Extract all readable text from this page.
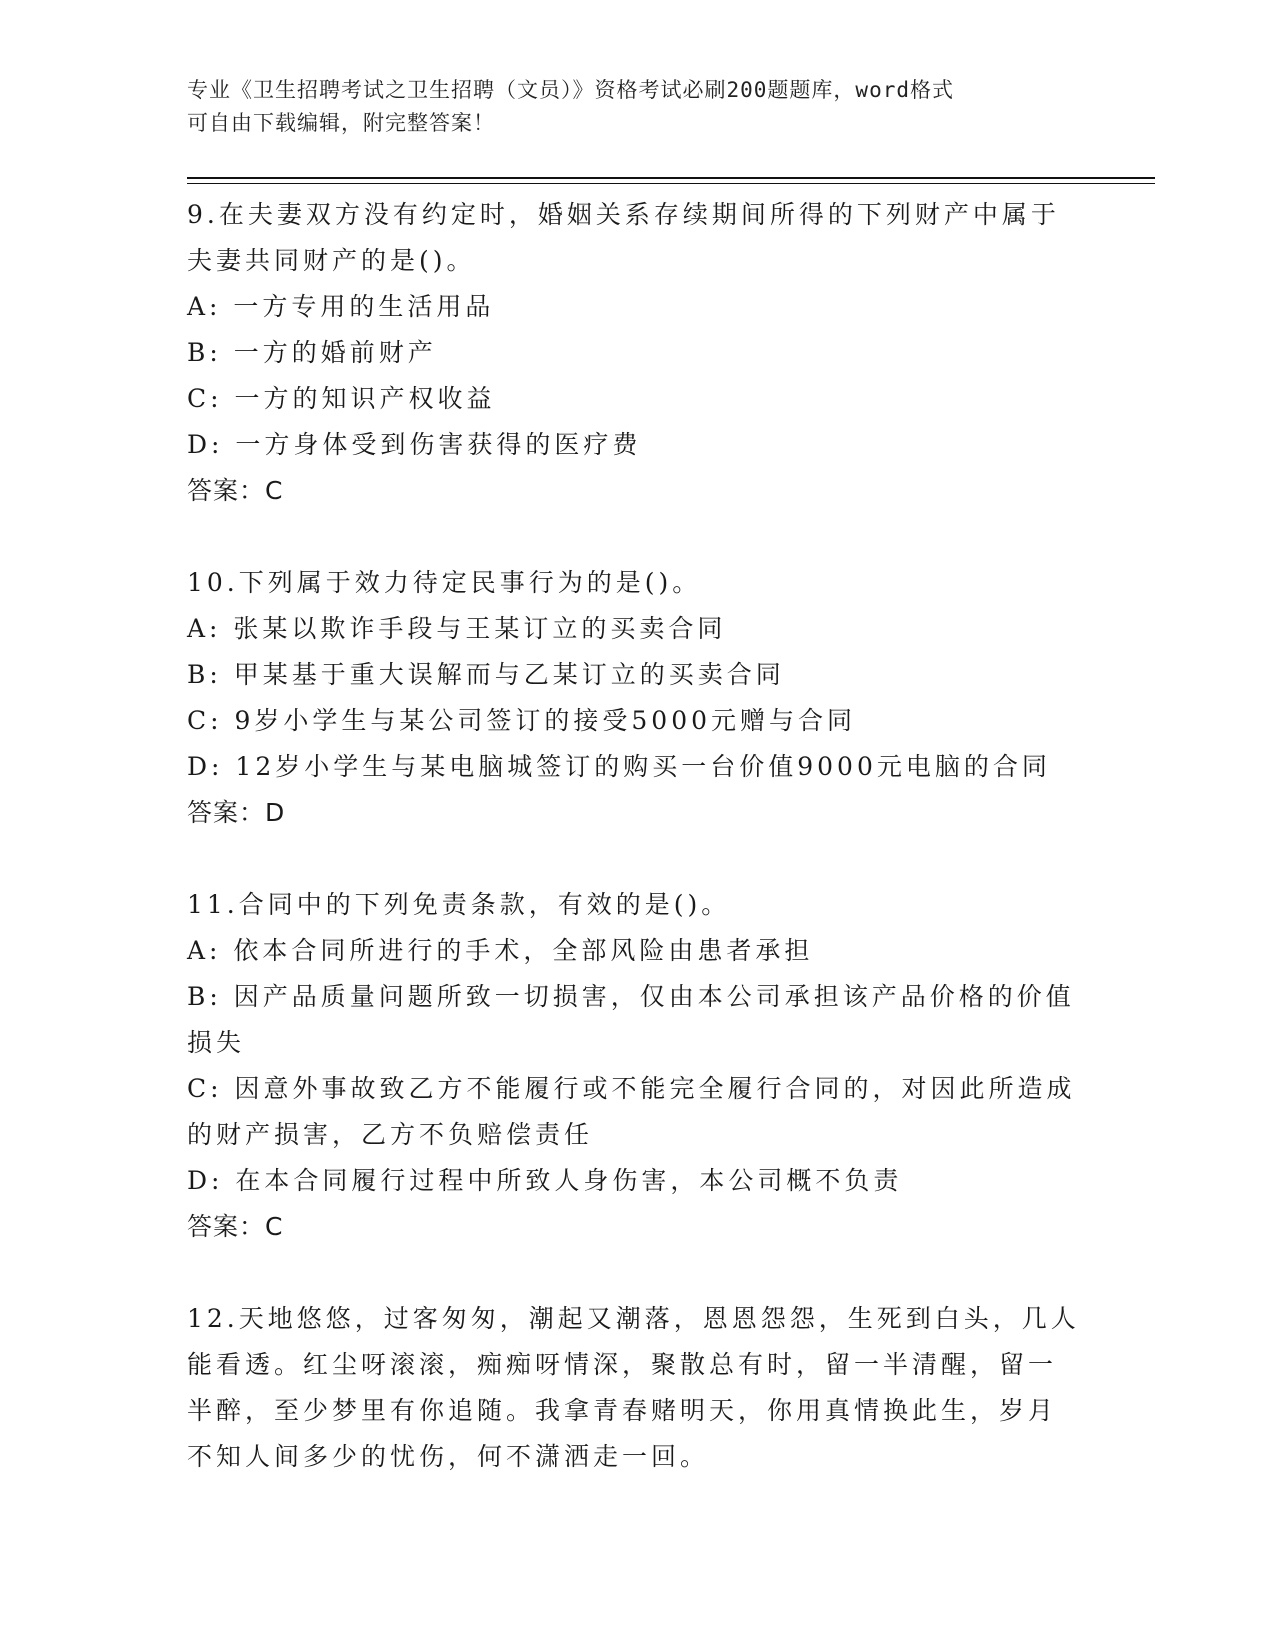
专业《卫生招聘考试之卫生招聘（文员）》资格考试必刷200题题库，word格式
可自由下载编辑，附完整答案！
9.在夫妻双方没有约定时，婚姻关系存续期间所得的下列财产中属于
夫妻共同财产的是()。
A: 一方专用的生活用品
B: 一方的婚前财产
C: 一方的知识产权收益
D: 一方身体受到伤害获得的医疗费
答案：C
10.下列属于效力待定民事行为的是()。
A: 张某以欺诈手段与王某订立的买卖合同
B: 甲某基于重大误解而与乙某订立的买卖合同
C: 9岁小学生与某公司签订的接受5000元赠与合同
D: 12岁小学生与某电脑城签订的购买一台价值9000元电脑的合同
答案：D
11.合同中的下列免责条款，有效的是()。
A: 依本合同所进行的手术，全部风险由患者承担
B: 因产品质量问题所致一切损害，仅由本公司承担该产品价格的价值
损失
C: 因意外事故致乙方不能履行或不能完全履行合同的，对因此所造成
的财产损害，乙方不负赔偿责任
D: 在本合同履行过程中所致人身伤害，本公司概不负责
答案：C
12.天地悠悠，过客匆匆，潮起又潮落，恩恩怨怨，生死到白头，几人
能看透。红尘呀滚滚，痴痴呀情深，聚散总有时，留一半清醒，留一
半醉，至少梦里有你追随。我拿青春赌明天，你用真情换此生，岁月
不知人间多少的忧伤，何不潇洒走一回。
